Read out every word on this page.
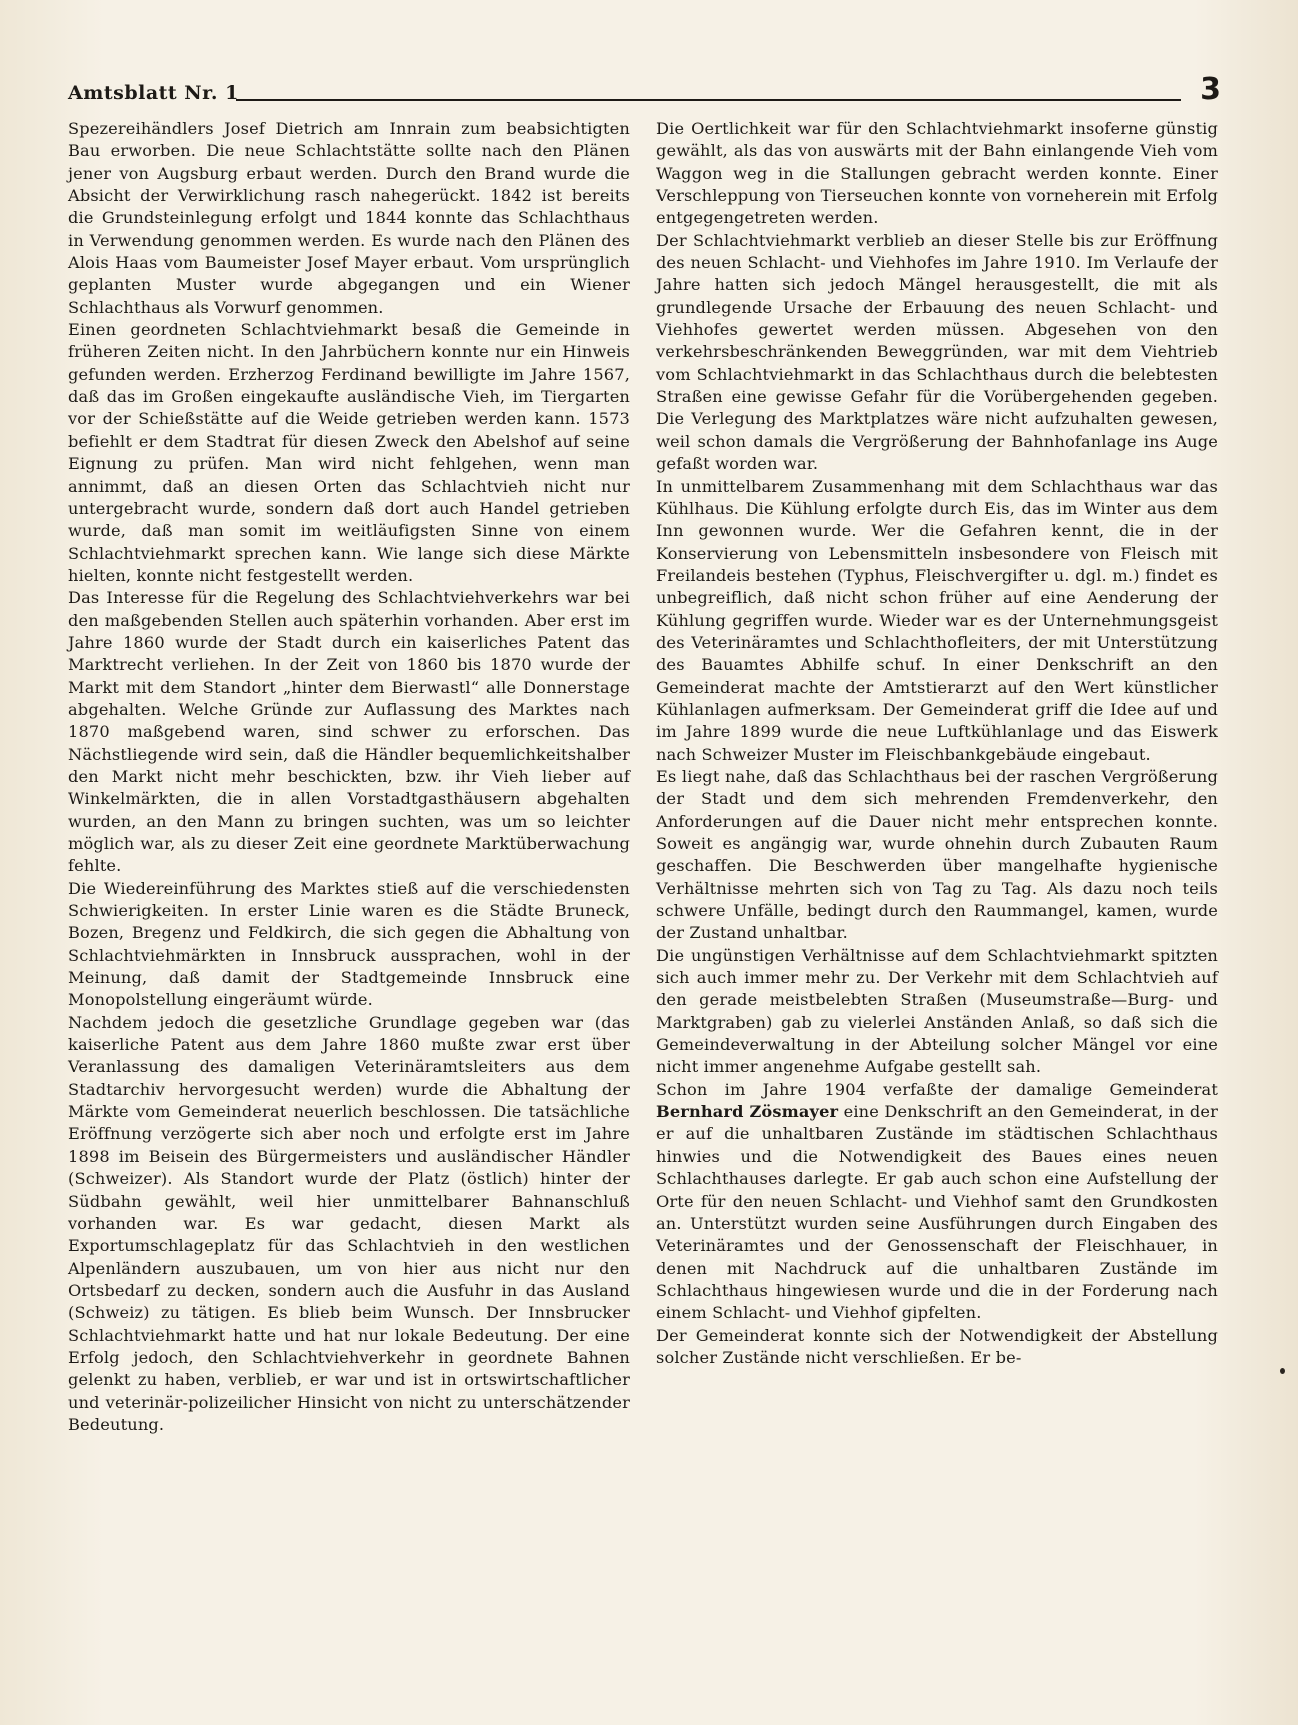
Amtsblatt Nr. 1	3

Spezereihändlers Josef Dietrich am Innrain zum beabsichtigten Bau erworben. Die neue Schlachtstätte sollte nach den Plänen jener von Augsburg erbaut werden. Durch den Brand wurde die Absicht der Verwirklichung rasch nahegerückt. 1842 ist bereits die Grundsteinlegung erfolgt und 1844 konnte das Schlachthaus in Verwendung genommen werden. Es wurde nach den Plänen des Alois Haas vom Baumeister Josef Mayer erbaut. Vom ursprünglich geplanten Muster wurde abgegangen und ein Wiener Schlachthaus als Vorwurf genommen.

Einen geordneten Schlachtviehmarkt besaß die Gemeinde in früheren Zeiten nicht. In den Jahrbüchern konnte nur ein Hinweis gefunden werden. Erzherzog Ferdinand bewilligte im Jahre 1567, daß das im Großen eingekaufte ausländische Vieh, im Tiergarten vor der Schießstätte auf die Weide getrieben werden kann. 1573 befiehlt er dem Stadtrat für diesen Zweck den Abelshof auf seine Eignung zu prüfen. Man wird nicht fehlgehen, wenn man annimmt, daß an diesen Orten das Schlachtvieh nicht nur untergebracht wurde, sondern daß dort auch Handel getrieben wurde, daß man somit im weitläufigsten Sinne von einem Schlachtviehmarkt sprechen kann. Wie lange sich diese Märkte hielten, konnte nicht festgestellt werden.

Das Interesse für die Regelung des Schlachtviehverkehrs war bei den maßgebenden Stellen auch späterhin vorhanden. Aber erst im Jahre 1860 wurde der Stadt durch ein kaiserliches Patent das Marktrecht verliehen. In der Zeit von 1860 bis 1870 wurde der Markt mit dem Standort „hinter dem Bierwastl“ alle Donnerstage abgehalten. Welche Gründe zur Auflassung des Marktes nach 1870 maßgebend waren, sind schwer zu erforschen. Das Nächstliegende wird sein, daß die Händler bequemlichkeitshalber den Markt nicht mehr beschickten, bzw. ihr Vieh lieber auf Winkelmärkten, die in allen Vorstadtgasthäusern abgehalten wurden, an den Mann zu bringen suchten, was um so leichter möglich war, als zu dieser Zeit eine geordnete Marktüberwachung fehlte.

Die Wiedereinführung des Marktes stieß auf die verschiedensten Schwierigkeiten. In erster Linie waren es die Städte Bruneck, Bozen, Bregenz und Feldkirch, die sich gegen die Abhaltung von Schlachtviehmärkten in Innsbruck aussprachen, wohl in der Meinung, daß damit der Stadtgemeinde Innsbruck eine Monopolstellung eingeräumt würde.

Nachdem jedoch die gesetzliche Grundlage gegeben war (das kaiserliche Patent aus dem Jahre 1860 mußte zwar erst über Veranlassung des damaligen Veterinäramtsleiters aus dem Stadtarchiv hervorgesucht werden) wurde die Abhaltung der Märkte vom Gemeinderat neuerlich beschlossen. Die tatsächliche Eröffnung verzögerte sich aber noch und erfolgte erst im Jahre 1898 im Beisein des Bürgermeisters und ausländischer Händler (Schweizer). Als Standort wurde der Platz (östlich) hinter der Südbahn gewählt, weil hier unmittelbarer Bahnanschluß vorhanden war. Es war gedacht, diesen Markt als Exportumschlageplatz für das Schlachtvieh in den westlichen Alpenländern auszubauen, um von hier aus nicht nur den Ortsbedarf zu decken, sondern auch die Ausfuhr in das Ausland (Schweiz) zu tätigen. Es blieb beim Wunsch. Der Innsbrucker Schlachtviehmarkt hatte und hat nur lokale Bedeutung. Der eine Erfolg jedoch, den Schlachtviehverkehr in geordnete Bahnen gelenkt zu haben, verblieb, er war und ist in ortswirtschaftlicher und veterinär-polizeilicher Hinsicht von nicht zu unterschätzender Bedeutung.

Die Oertlichkeit war für den Schlachtviehmarkt insoferne günstig gewählt, als das von auswärts mit der Bahn einlangende Vieh vom Waggon weg in die Stallungen gebracht werden konnte. Einer Verschleppung von Tierseuchen konnte von vorneherein mit Erfolg entgegengetreten werden.

Der Schlachtviehmarkt verblieb an dieser Stelle bis zur Eröffnung des neuen Schlacht- und Viehhofes im Jahre 1910. Im Verlaufe der Jahre hatten sich jedoch Mängel herausgestellt, die mit als grundlegende Ursache der Erbauung des neuen Schlacht- und Viehhofes gewertet werden müssen. Abgesehen von den verkehrsbeschränkenden Beweggründen, war mit dem Viehtrieb vom Schlachtviehmarkt in das Schlachthaus durch die belebtesten Straßen eine gewisse Gefahr für die Vorübergehenden gegeben. Die Verlegung des Marktplatzes wäre nicht aufzuhalten gewesen, weil schon damals die Vergrößerung der Bahnhofanlage ins Auge gefaßt worden war.

In unmittelbarem Zusammenhang mit dem Schlachthaus war das Kühlhaus. Die Kühlung erfolgte durch Eis, das im Winter aus dem Inn gewonnen wurde. Wer die Gefahren kennt, die in der Konservierung von Lebensmitteln insbesondere von Fleisch mit Freilandeis bestehen (Typhus, Fleischvergifter u. dgl. m.) findet es unbegreiflich, daß nicht schon früher auf eine Aenderung der Kühlung gegriffen wurde. Wieder war es der Unternehmungsgeist des Veterinäramtes und Schlachthofleiters, der mit Unterstützung des Bauamtes Abhilfe schuf. In einer Denkschrift an den Gemeinderat machte der Amtstierarzt auf den Wert künstlicher Kühlanlagen aufmerksam. Der Gemeinderat griff die Idee auf und im Jahre 1899 wurde die neue Luftkühlanlage und das Eiswerk nach Schweizer Muster im Fleischbankgebäude eingebaut.

Es liegt nahe, daß das Schlachthaus bei der raschen Vergrößerung der Stadt und dem sich mehrenden Fremdenverkehr, den Anforderungen auf die Dauer nicht mehr entsprechen konnte. Soweit es angängig war, wurde ohnehin durch Zubauten Raum geschaffen. Die Beschwerden über mangelhafte hygienische Verhältnisse mehrten sich von Tag zu Tag. Als dazu noch teils schwere Unfälle, bedingt durch den Raummangel, kamen, wurde der Zustand unhaltbar.

Die ungünstigen Verhältnisse auf dem Schlachtviehmarkt spitzten sich auch immer mehr zu. Der Verkehr mit dem Schlachtvieh auf den gerade meistbelebten Straßen (Museumstraße—Burg- und Marktgraben) gab zu vielerlei Anständen Anlaß, so daß sich die Gemeindeverwaltung in der Abteilung solcher Mängel vor eine nicht immer angenehme Aufgabe gestellt sah.

Schon im Jahre 1904 verfaßte der damalige Gemeinderat Bernhard Zösmayer eine Denkschrift an den Gemeinderat, in der er auf die unhaltbaren Zustände im städtischen Schlachthaus hinwies und die Notwendigkeit des Baues eines neuen Schlachthauses darlegte. Er gab auch schon eine Aufstellung der Orte für den neuen Schlacht- und Viehhof samt den Grundkosten an. Unterstützt wurden seine Ausführungen durch Eingaben des Veterinäramtes und der Genossenschaft der Fleischhauer, in denen mit Nachdruck auf die unhaltbaren Zustände im Schlachthaus hingewiesen wurde und die in der Forderung nach einem Schlacht- und Viehhof gipfelten.

Der Gemeinderat konnte sich der Notwendigkeit der Abstellung solcher Zustände nicht verschließen. Er be-
